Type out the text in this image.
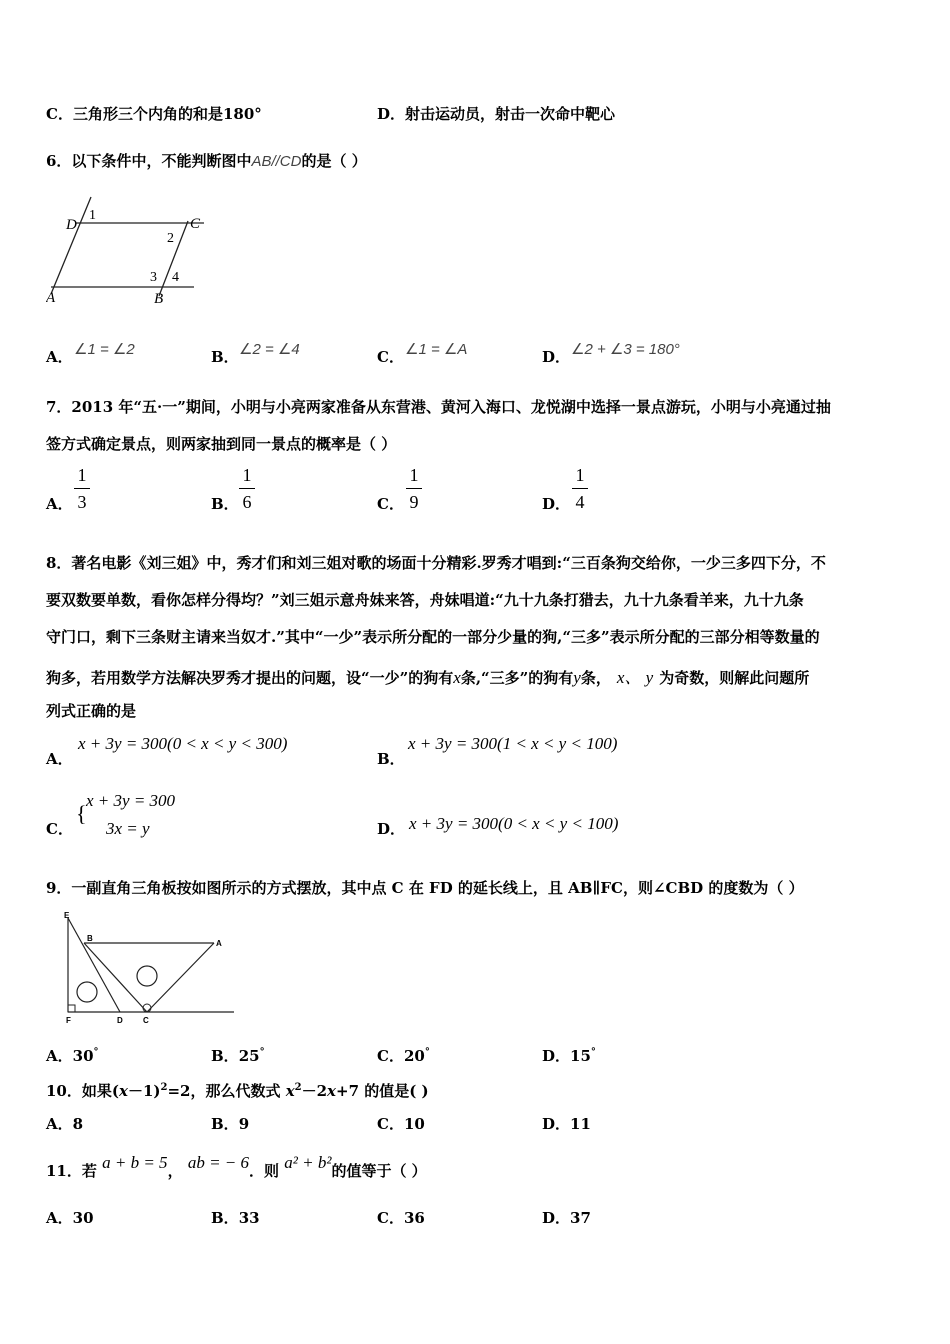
C．三角形三个内角的和是180°	D．射击运动员，射击一次命中靶心
6．以下条件中，不能判断图中AB//CD的是（ ）
D
1
C
2
3 4
A	B
A． ∠1 = ∠2	B． ∠2 = ∠4	C． ∠1 = ∠A	D． ∠2 + ∠3 = 180°
7．2013 年“五·一”期间，小明与小亮两家准备从东营港、黄河入海口、龙悦湖中选择一景点游玩，小明与小亮通过抽
签方式确定景点，则两家抽到同一景点的概率是（ ）
A．
1
3	B．
1
6	C．
1
9	D．
1
4
8．著名电影《刘三姐》中，秀才们和刘三姐对歌的场面十分精彩.罗秀才唱到:“三百条狗交给你，一少三多四下分，不
要双数要单数，看你怎样分得均？”刘三姐示意舟妹来答，舟妹唱道:“九十九条打猎去，九十九条看羊来，九十九条
守门口，剩下三条财主请来当奴才.”其中“一少”表示所分配的一部分少量的狗,“三多”表示所分配的三部分相等数量的
狗多，若用数学方法解决罗秀才提出的问题，设“一少”的狗有x条,“三多”的狗有y条， x、 y 为奇数，则解此问题所
列式正确的是
A．
x + 3y = 300(0 < x < y < 300)
B．
x + 3y = 300(1 < x < y < 100)
C．
{
x + 3y = 300
3x = y	D． x + 3y = 300(0 < x < y < 100)
9．一副直角三角板按如图所示的方式摆放，其中点 C 在 FD 的延长线上，且 AB∥FC，则∠CBD 的度数为（ ）
E
B
A
F	D	C
A．30°	B．25°	C．20°	D．15°
10．如果$(x-1)^2=2$，那么代数式 $x^2-2x+7$ 的值是( )
A．8	B．9	C．10	D．11
11．若 a + b = 5， ab = − 6．则 a² + b²的值等于（ ）
A．30	B．33	C．36	D．37
